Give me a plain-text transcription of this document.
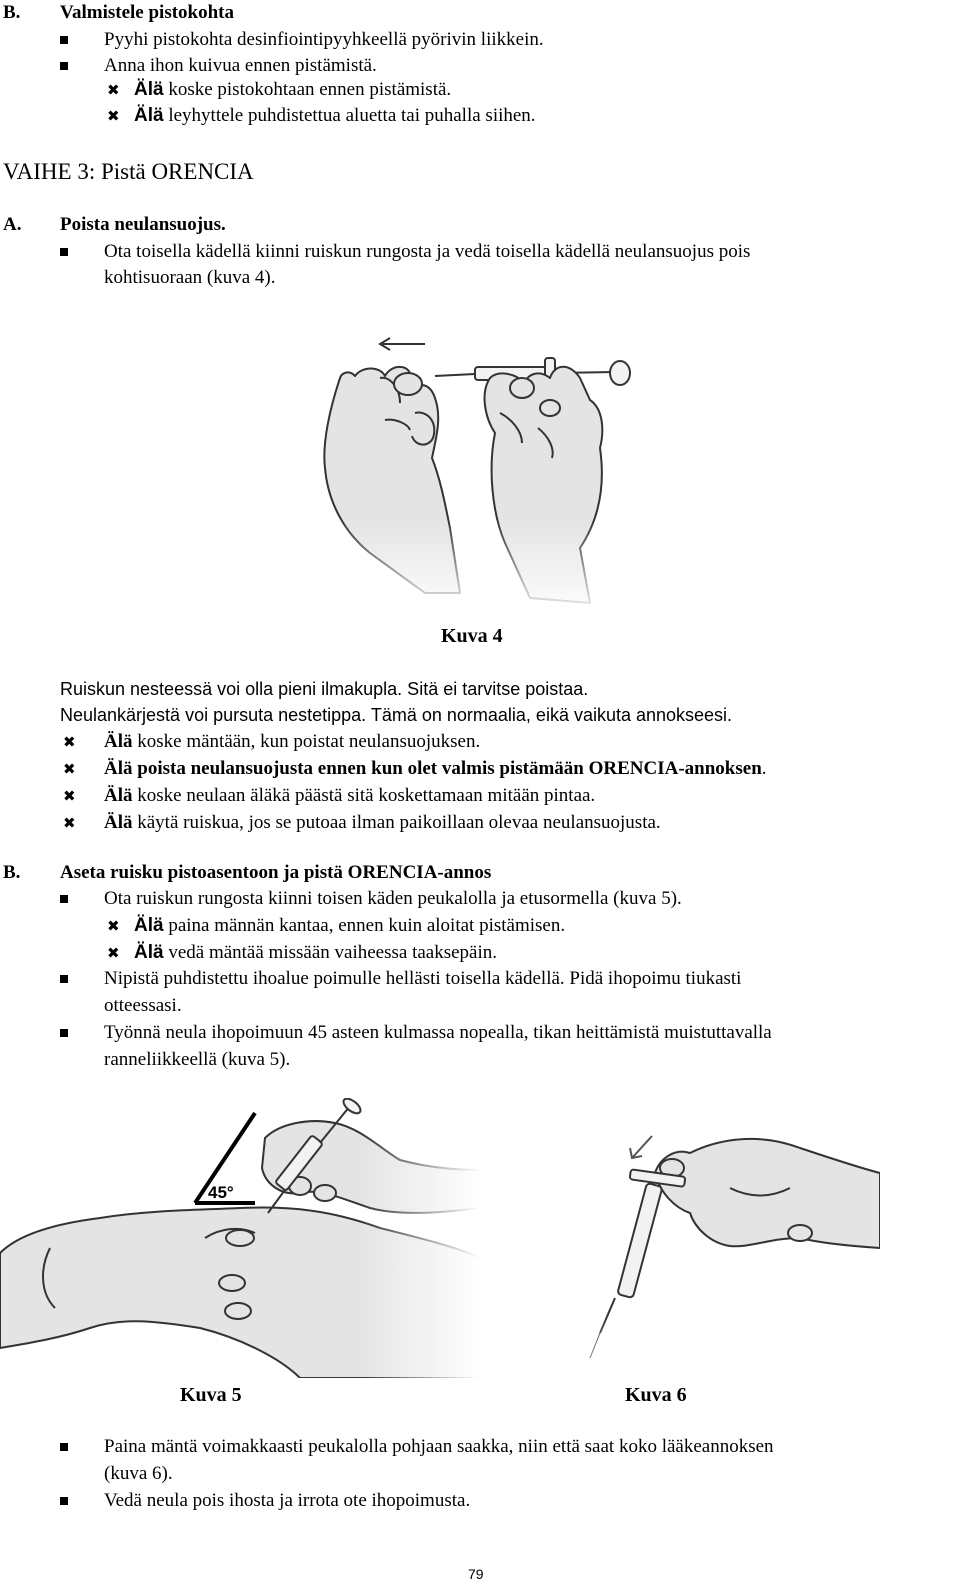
B. Valmistele pistokohta
Pyyhi pistokohta desinfiointipyyhkeellä pyörivin liikkein.
Anna ihon kuivua ennen pistämistä.
✖ Älä koske pistokohtaan ennen pistämistä.
✖ Älä leyhyttele puhdistettua aluetta tai puhalla siihen.
VAIHE 3: Pistä ORENCIA
A. Poista neulansuojus.
Ota toisella kädellä kiinni ruiskun rungosta ja vedä toisella kädellä neulansuojus pois
kohtisuoraan (kuva 4).
Kuva 4
Ruiskun nesteessä voi olla pieni ilmakupla. Sitä ei tarvitse poistaa.
Neulankärjestä voi pursuta nestetippa. Tämä on normaalia, eikä vaikuta annokseesi.
✖ Älä koske mäntään, kun poistat neulansuojuksen.
✖ Älä poista neulansuojusta ennen kun olet valmis pistämään ORENCIA-annoksen.
✖ Älä koske neulaan äläkä päästä sitä koskettamaan mitään pintaa.
✖ Älä käytä ruiskua, jos se putoaa ilman paikoillaan olevaa neulansuojusta.
B. Aseta ruisku pistoasentoon ja pistä ORENCIA-annos
Ota ruiskun rungosta kiinni toisen käden peukalolla ja etusormella (kuva 5).
✖ Älä paina männän kantaa, ennen kuin aloitat pistämisen.
✖ Älä vedä mäntää missään vaiheessa taaksepäin.
Nipistä puhdistettu ihoalue poimulle hellästi toisella kädellä. Pidä ihopoimu tiukasti
otteessasi.
Työnnä neula ihopoimuun 45 asteen kulmassa nopealla, tikan heittämistä muistuttavalla
ranneliikkeellä (kuva 5).
Kuva 5	Kuva 6
Paina mäntä voimakkaasti peukalolla pohjaan saakka, niin että saat koko lääkeannoksen
(kuva 6).
Vedä neula pois ihosta ja irrota ote ihopoimusta.
79
